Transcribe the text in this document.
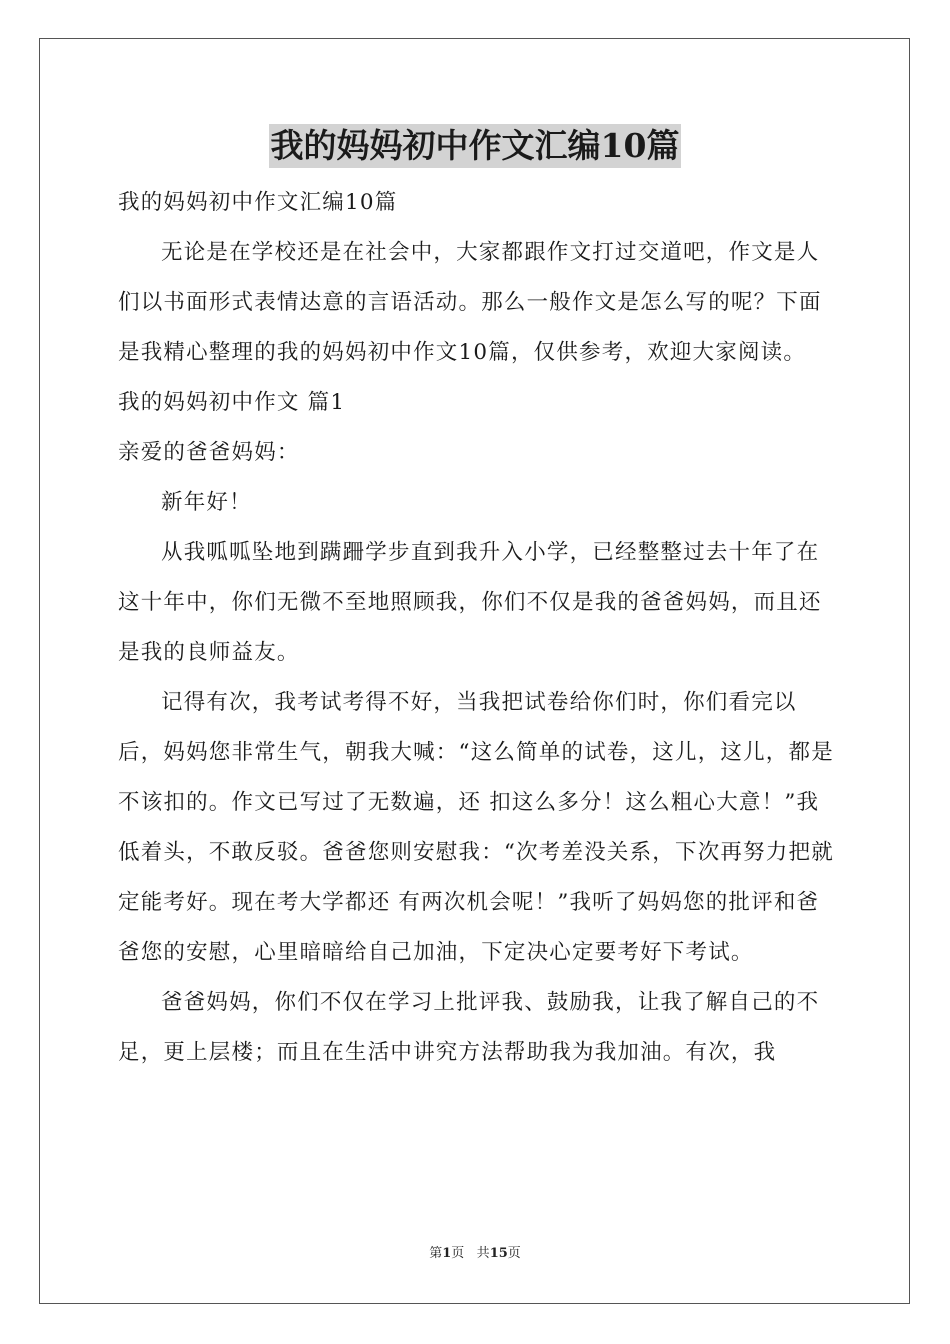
我的妈妈初中作文汇编10篇

我的妈妈初中作文汇编10篇

无论是在学校还是在社会中，大家都跟作文打过交道吧，作文是人们以书面形式表情达意的言语活动。那么一般作文是怎么写的呢？下面是我精心整理的我的妈妈初中作文10篇，仅供参考，欢迎大家阅读。

我的妈妈初中作文 篇1

亲爱的爸爸妈妈：

新年好！

从我呱呱坠地到蹒跚学步直到我升入小学，已经整整过去十年了在这十年中，你们无微不至地照顾我，你们不仅是我的爸爸妈妈，而且还 是我的良师益友。

记得有次，我考试考得不好，当我把试卷给你们时，你们看完以后，妈妈您非常生气，朝我大喊：“这么简单的试卷，这儿，这儿，都是不该扣的。作文已写过了无数遍，还 扣这么多分！这么粗心大意！”我低着头，不敢反驳。爸爸您则安慰我：“次考差没关系，下次再努力把就定能考好。现在考大学都还 有两次机会呢！”我听了妈妈您的批评和爸爸您的安慰，心里暗暗给自己加油，下定决心定要考好下考试。

爸爸妈妈，你们不仅在学习上批评我、鼓励我，让我了解自己的不足，更上层楼；而且在生活中讲究方法帮助我为我加油。有次，我

第1页 共15页
